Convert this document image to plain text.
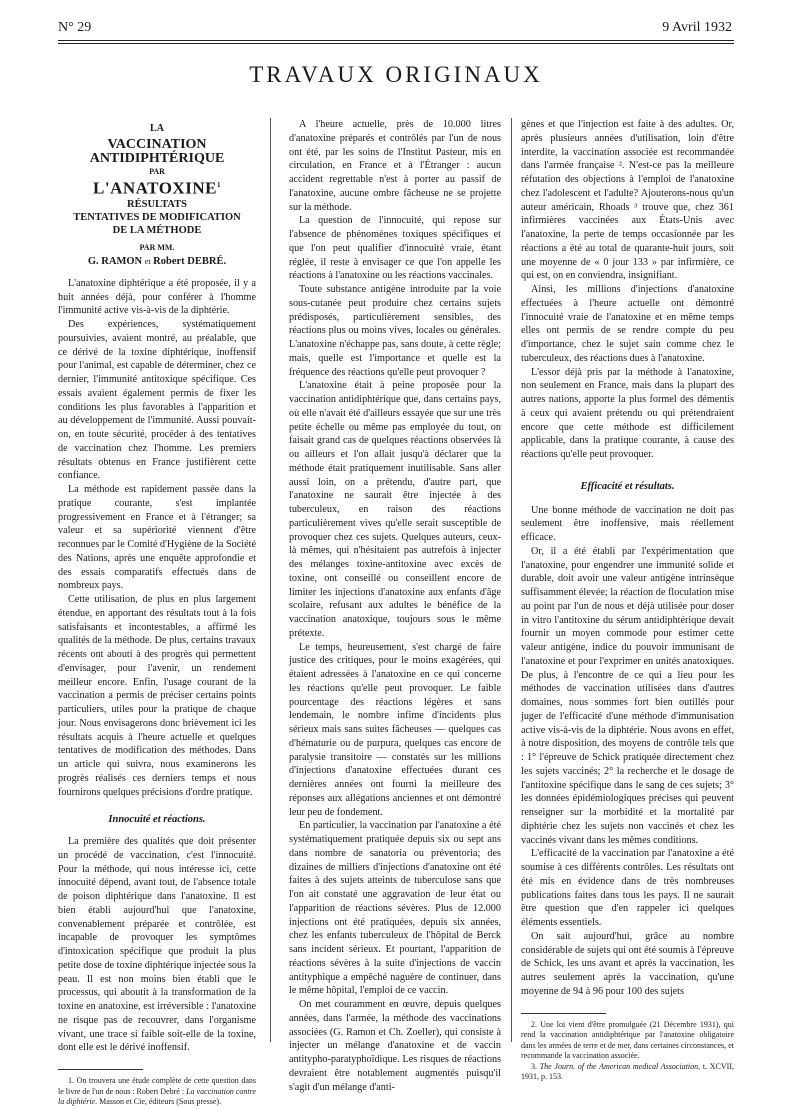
N° 29	9 Avril 1932
TRAVAUX ORIGINAUX
LA
VACCINATION ANTIDIPHTÉRIQUE
PAR
L'ANATOXINE$^1$
RÉSULTATS
TENTATIVES DE MODIFICATION
DE LA MÉTHODE
PAR MM.
G. RAMON et Robert DEBRÉ.

L'anatoxine diphtérique a été proposée, il y a huit années déjà, pour conférer à l'homme l'immunité active vis-à-vis de la diphtérie.

Des expériences, systématiquement poursuivies, avaient montré, au préalable, que ce dérivé de la toxine diphtérique, inoffensif pour l'animal, est capable de déterminer, chez ce dernier, l'immunité antitoxique spécifique. Ces essais avaient également permis de fixer les conditions les plus favorables à l'apparition et au développement de l'immunité. Aussi pouvait-on, en toute sécurité, procéder à des tentatives de vaccination chez l'homme. Les premiers résultats obtenus en France justifièrent cette confiance.

La méthode est rapidement passée dans la pratique courante, s'est implantée progressivement en France et à l'étranger; sa valeur et sa supériorité viennent d'être reconnues par le Comité d'Hygiène de la Société des Nations, après une enquête approfondie et des essais comparatifs effectués dans de nombreux pays.

Cette utilisation, de plus en plus largement étendue, en apportant des résultats tout à la fois satisfaisants et incontestables, a affirmé les qualités de la méthode. De plus, certains travaux récents ont abouti à des progrès qui permettent d'envisager, pour l'avenir, un rendement meilleur encore. Enfin, l'usage courant de la vaccination a permis de préciser certains points particuliers, utiles pour la pratique de chaque jour. Nous envisagerons donc brièvement ici les résultats acquis à l'heure actuelle et quelques tentatives de modification des méthodes. Dans un article qui suivra, nous examinerons les progrès réalisés ces derniers temps et nous fournirons quelques précisions d'ordre pratique.

Innocuité et réactions.

La première des qualités que doit présenter un procédé de vaccination, c'est l'innocuité. Pour la méthode, qui nous intéresse ici, cette innocuité dépend, avant tout, de l'absence totale de poison diphtérique dans l'anatoxine. Il est bien établi aujourd'hui que l'anatoxine, convenablement préparée et contrôlée, est incapable de provoquer les symptômes d'intoxication spécifique que produit la plus petite dose de toxine diphtérique injectée sous la peau. Il est non moins bien établi que le processus, qui aboutit à la transformation de la toxine en anatoxine, est irréversible : l'anatoxine ne risque pas de recouvrer, dans l'organisme vivant, une trace si faible soit-elle de la toxine, dont elle est le dérivé inoffensif.

1. On trouvera une étude complète de cette question dans le livre de l'un de nous : Robert Debré : La vaccination contre la diphtérie. Masson et Cie, éditeurs (Sous presse).

A l'heure actuelle, près de 10.000 litres d'anatoxine préparés et contrôlés par l'un de nous ont été, par les soins de l'Institut Pasteur, mis en circulation, en France et à l'Étranger : aucun accident regrettable n'est à porter au passif de l'anatoxine, aucune ombre fâcheuse ne se projette sur la méthode.

La question de l'innocuité, qui repose sur l'absence de phénomènes toxiques spécifiques et que l'on peut qualifier d'innocuité vraie, étant réglée, il reste à envisager ce que l'on appelle les réactions à l'anatoxine ou les réactions vaccinales.

Toute substance antigène introduite par la voie sous-cutanée peut produire chez certains sujets prédisposés, particulièrement sensibles, des réactions plus ou moins vives, locales ou générales. L'anatoxine n'échappe pas, sans doute, à cette règle; mais, quelle est l'importance et quelle est la fréquence des réactions qu'elle peut provoquer ?

L'anatoxine était à peine proposée pour la vaccination antidiphtérique que, dans certains pays, où elle n'avait été d'ailleurs essayée que sur une très petite échelle ou même pas employée du tout, on faisait grand cas de quelques réactions observées là ou ailleurs et l'on allait jusqu'à déclarer que la méthode était pratiquement inutilisable. Sans aller aussi loin, on a prétendu, d'autre part, que l'anatoxine ne saurait être injectée à des tuberculeux, en raison des réactions particulièrement vives qu'elle serait susceptible de provoquer chez ces sujets. Quelques auteurs, ceux-là mêmes, qui n'hésitaient pas autrefois à injecter des mélanges toxine-antitoxine avec excès de toxine, ont conseillé ou conseillent encore de limiter les injections d'anatoxine aux enfants d'âge scolaire, refusant aux adultes le bénéfice de la vaccination anatoxique, toujours sous le même prétexte.

Le temps, heureusement, s'est chargé de faire justice des critiques, pour le moins exagérées, qui étaient adressées à l'anatoxine en ce qui concerne les réactions qu'elle peut provoquer. Le faible pourcentage des réactions légères et sans lendemain, le nombre infime d'incidents plus sérieux mais sans suites fâcheuses — quelques cas d'hématurie ou de purpura, quelques cas encore de paralysie transitoire — constatés sur les millions d'injections d'anatoxine effectuées durant ces dernières années ont fourni la meilleure des réponses aux allégations anciennes et ont démontré leur peu de fondement.

En particulier, la vaccination par l'anatoxine a été systématiquement pratiquée depuis six ou sept ans dans nombre de sanatoria ou préventoria; des dizaines de milliers d'injections d'anatoxine ont été faites à des sujets atteints de tuberculose sans que l'on ait constaté une aggravation de leur état ou l'apparition de réactions sévères. Plus de 12.000 injections ont été pratiquées, depuis six années, chez les enfants tuberculeux de l'hôpital de Berck sans incident sérieux. Et pourtant, l'apparition de réactions sévères à la suite d'injections de vaccin antityphique a empêché naguère de continuer, dans le même hôpital, l'emploi de ce vaccin.

On met couramment en œuvre, depuis quelques années, dans l'armée, la méthode des vaccinations associées (G. Ramon et Ch. Zoeller), qui consiste à injecter un mélange d'anatoxine et de vaccin antitypho-paratyphoïdique. Les risques de réactions devraient être notablement augmentés puisqu'il s'agit d'un mélange d'anti-

gènes et que l'injection est faite à des adultes. Or, après plusieurs années d'utilisation, loin d'être interdite, la vaccination associée est recommandée dans l'armée française ². N'est-ce pas la meilleure réfutation des objections à l'emploi de l'anatoxine chez l'adolescent et l'adulte? Ajouterons-nous qu'un auteur américain, Rhoads ³ trouve que, chez 361 infirmières vaccinées aux États-Unis avec l'anatoxine, la perte de temps occasionnée par les réactions a été au total de quarante-huit jours, soit une moyenne de « 0 jour 133 » par infirmière, ce qui est, on en conviendra, insignifiant.

Ainsi, les millions d'injections d'anatoxine effectuées à l'heure actuelle ont démontré l'innocuité vraie de l'anatoxine et en même temps elles ont permis de se rendre compte du peu d'importance, chez le sujet sain comme chez le tuberculeux, des réactions dues à l'anatoxine.

L'essor déjà pris par la méthode à l'anatoxine, non seulement en France, mais dans la plupart des autres nations, apporte la plus formel des démentis à ceux qui avaient prétendu ou qui prétendraient encore que cette méthode est difficilement applicable, dans la pratique courante, à cause des réactions qu'elle peut provoquer.

Efficacité et résultats.

Une bonne méthode de vaccination ne doit pas seulement être inoffensive, mais réellement efficace.

Or, il a été établi par l'expérimentation que l'anatoxine, pour engendrer une immunité solide et durable, doit avoir une valeur antigène intrinsèque suffisamment élevée; la réaction de floculation mise au point par l'un de nous et déjà utilisée pour doser in vitro l'antitoxine du sérum antidiphtérique devait fournir un moyen commode pour estimer cette valeur antigène, indice du pouvoir immunisant de l'anatoxine et pour l'exprimer en unités anatoxiques. De plus, à l'encontre de ce qui a lieu pour les méthodes de vaccination utilisées dans d'autres domaines, nous sommes fort bien outillés pour juger de l'efficacité d'une méthode d'immunisation active vis-à-vis de la diphtérie. Nous avons en effet, à notre disposition, des moyens de contrôle tels que : 1° l'épreuve de Schick pratiquée directement chez les sujets vaccinés; 2° la recherche et le dosage de l'antitoxine spécifique dans le sang de ces sujets; 3° les données épidémiologiques précises qui peuvent renseigner sur la morbidité et la mortalité par diphtérie chez les sujets non vaccinés et chez les vaccinés vivant dans les mêmes conditions.

L'efficacité de la vaccination par l'anatoxine a été soumise à ces différents contrôles. Les résultats ont été mis en évidence dans de très nombreuses publications faites dans tous les pays. Il ne saurait être question que d'en rappeler ici quelques éléments essentiels.

On sait aujourd'hui, grâce au nombre considérable de sujets qui ont été soumis à l'épreuve de Schick, les uns avant et après la vaccination, les autres seulement après la vaccination, qu'une moyenne de 94 à 96 pour 100 des sujets

2. Une loi vient d'être promulguée (21 Décembre 1931), qui rend la vaccination antidiphtérique par l'anatoxine obligatoire dans les armées de terre et de mer, dans certaines circonstances, et recommande la vaccination associée.

3. The Journ. of the American medical Association, t. XCVII, 1931, p. 153.
